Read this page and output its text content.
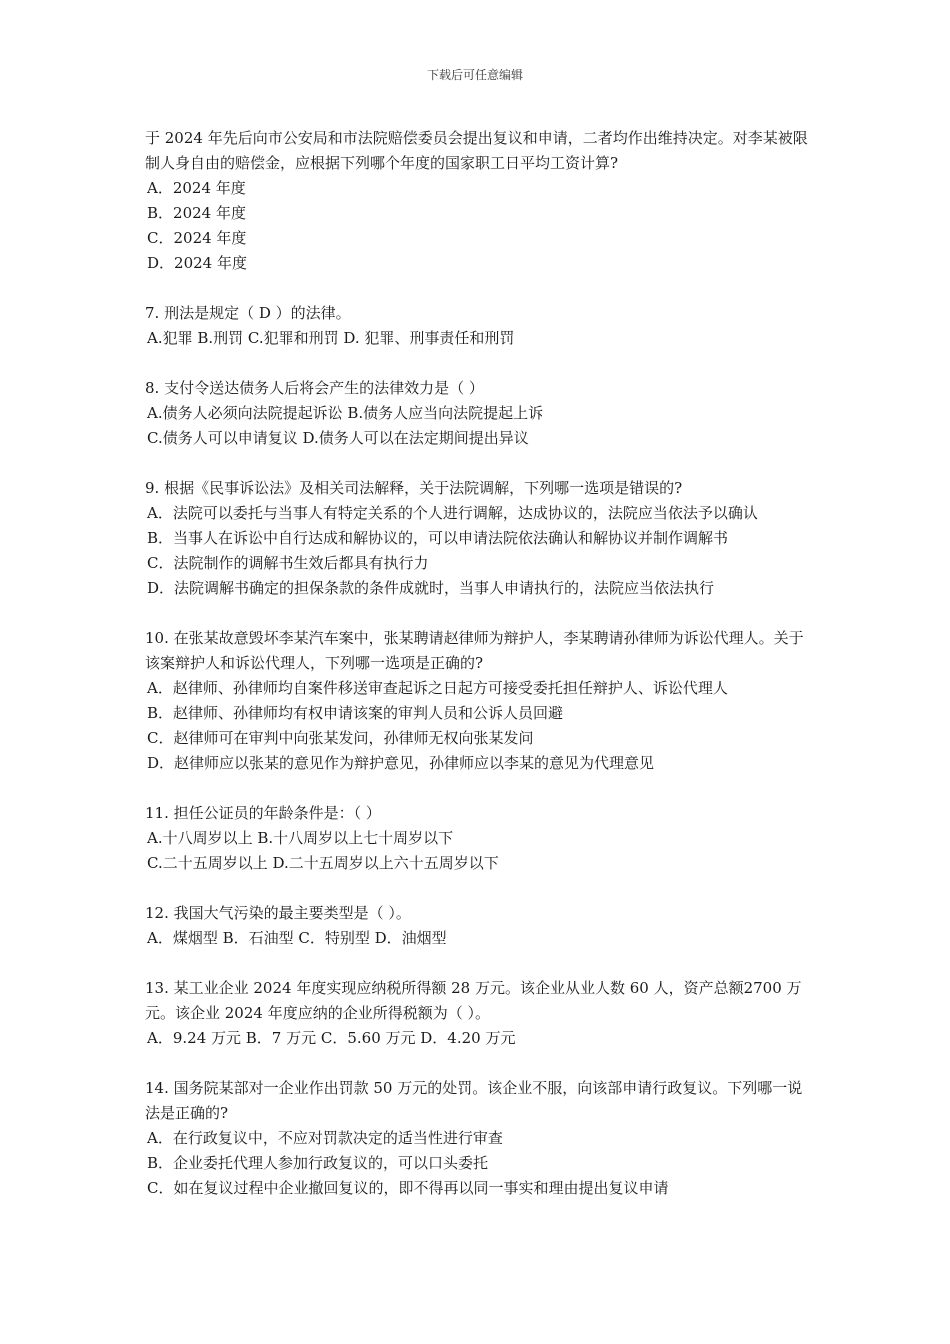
下载后可任意编辑

于 2024 年先后向市公安局和市法院赔偿委员会提出复议和申请，二者均作出维持决定。对李某被限制人身自由的赔偿金，应根据下列哪个年度的国家职工日平均工资计算?

A．2024 年度

B．2024 年度

C．2024 年度

D．2024 年度

7. 刑法是规定（ D ）的法律。

A.犯罪 B.刑罚 C.犯罪和刑罚 D. 犯罪、刑事责任和刑罚

8. 支付令送达债务人后将会产生的法律效力是（ ）

A.债务人必须向法院提起诉讼 B.债务人应当向法院提起上诉

C.债务人可以申请复议 D.债务人可以在法定期间提出异议

9. 根据《民事诉讼法》及相关司法解释，关于法院调解，下列哪一选项是错误的?

A．法院可以委托与当事人有特定关系的个人进行调解，达成协议的，法院应当依法予以确认

B．当事人在诉讼中自行达成和解协议的，可以申请法院依法确认和解协议并制作调解书

C．法院制作的调解书生效后都具有执行力

D．法院调解书确定的担保条款的条件成就时，当事人申请执行的，法院应当依法执行

10. 在张某故意毁坏李某汽车案中，张某聘请赵律师为辩护人，李某聘请孙律师为诉讼代理人。关于该案辩护人和诉讼代理人，下列哪一选项是正确的?

A．赵律师、孙律师均自案件移送审查起诉之日起方可接受委托担任辩护人、诉讼代理人

B．赵律师、孙律师均有权申请该案的审判人员和公诉人员回避

C．赵律师可在审判中向张某发问，孙律师无权向张某发问

D．赵律师应以张某的意见作为辩护意见，孙律师应以李某的意见为代理意见

11. 担任公证员的年龄条件是：（ ）

A.十八周岁以上 B.十八周岁以上七十周岁以下

C.二十五周岁以上 D.二十五周岁以上六十五周岁以下

12. 我国大气污染的最主要类型是（ ）。

A．煤烟型 B．石油型 C．特别型 D．油烟型

13. 某工业企业 2024 年度实现应纳税所得额 28 万元。该企业从业人数 60 人，资产总额2700 万元。该企业 2024 年度应纳的企业所得税额为（ ）。

A．9.24 万元 B．7 万元 C．5.60 万元 D．4.20 万元

14. 国务院某部对一企业作出罚款 50 万元的处罚。该企业不服，向该部申请行政复议。下列哪一说法是正确的?

A．在行政复议中，不应对罚款决定的适当性进行审查

B．企业委托代理人参加行政复议的，可以口头委托

C．如在复议过程中企业撤回复议的，即不得再以同一事实和理由提出复议申请
